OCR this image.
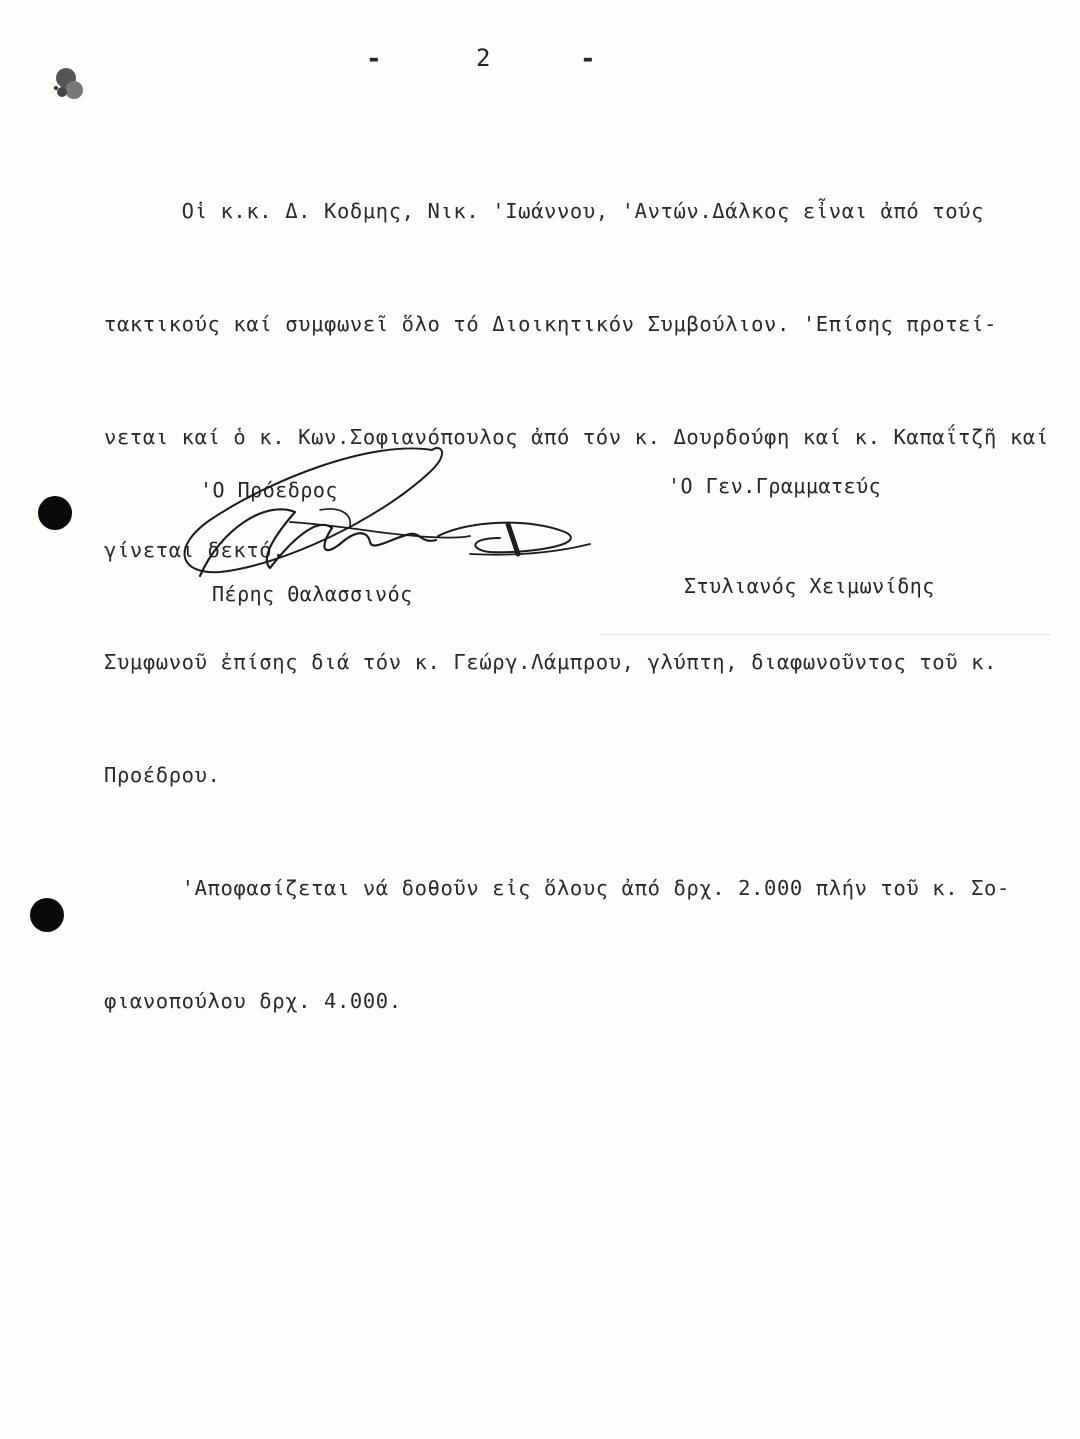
-	2	-

Οἱ κ.κ. Δ. Κοδμης, Νικ. 'Ιωάννου, 'Αντών.Δάλκος εἶναι ἀπό τούς

τακτικούς καί συμφωνεῖ ὅλο τό Διοικητικόν Συμβούλιον. 'Επίσης προτεί-

νεται καί ὁ κ. Κων.Σοφιανόπουλος ἀπό τόν κ. Δουρδούφη καί κ. Καπαΐτζῆ καί

γίνεται δεκτό.

Συμφωνοῦ ἐπίσης διά τόν κ. Γεώργ.Λάμπρου, γλύπτη, διαφωνοῦντος τοῦ κ.

Προέδρου.

'Αποφασίζεται νά δοθοῦν εἰς ὅλους ἀπό δρχ. 2.000 πλήν τοῦ κ. Σο-

φιανοπούλου δρχ. 4.000.

'Ο Πρόεδρος
Πέρης Θαλασσινός
'Ο Γεν.Γραμματεύς
Στυλιανός Χειμωνίδης
